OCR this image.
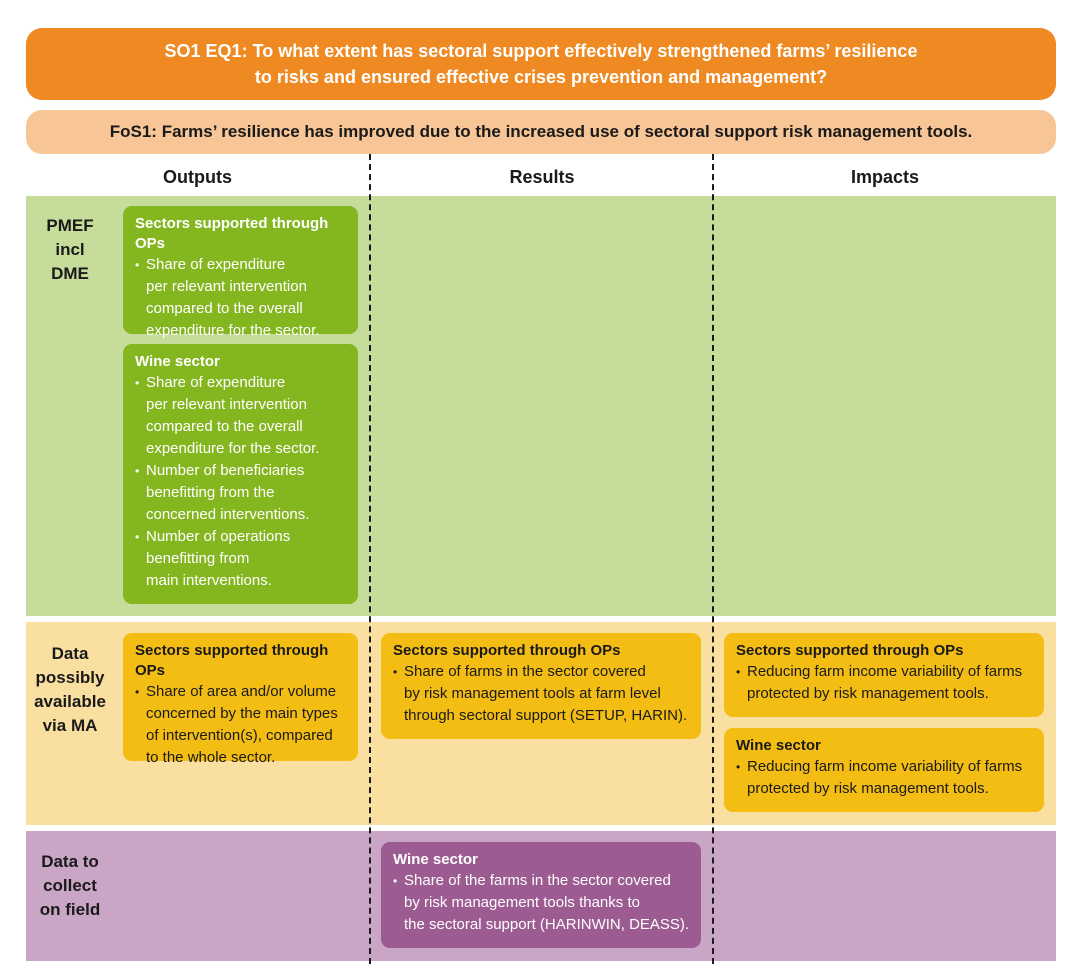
SO1 EQ1: To what extent has sectoral support effectively strengthened farms’ resilience
to risks and ensured effective crises prevention and management?
FoS1: Farms’ resilience has improved due to the increased use of sectoral support risk management tools.
Outputs	Results	Impacts
PMEF
incl
DME
Data
possibly
available
via MA
Data to
collect
on field
Sectors supported through OPs
• Share of expenditure
per relevant intervention
compared to the overall
expenditure for the sector.
Wine sector
• Share of expenditure
per relevant intervention
compared to the overall
expenditure for the sector.
• Number of beneficiaries
benefitting from the
concerned interventions.
• Number of operations
benefitting from
main interventions.
Sectors supported through OPs
• Share of area and/or volume
concerned by the main types
of intervention(s), compared
to the whole sector.
Sectors supported through OPs
• Share of farms in the sector covered
by risk management tools at farm level
through sectoral support (SETUP, HARIN).
Sectors supported through OPs
• Reducing farm income variability of farms
protected by risk management tools.
Wine sector
• Reducing farm income variability of farms
protected by risk management tools.
Wine sector
• Share of the farms in the sector covered
by risk management tools thanks to
the sectoral support (HARINWIN, DEASS).
